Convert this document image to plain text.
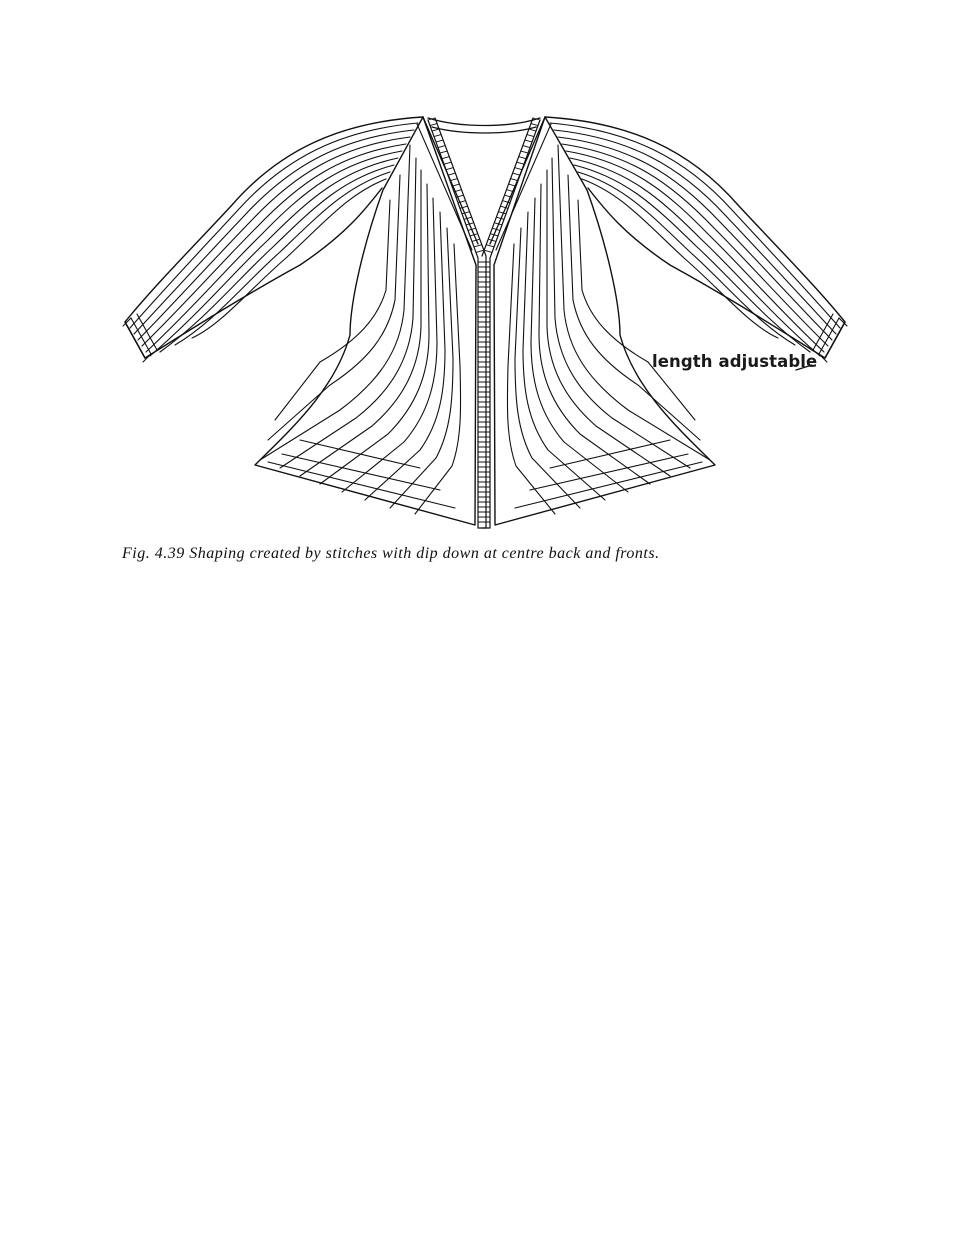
length adjustable
Fig. 4.39 Shaping created by stitches with dip down at centre back and fronts.
